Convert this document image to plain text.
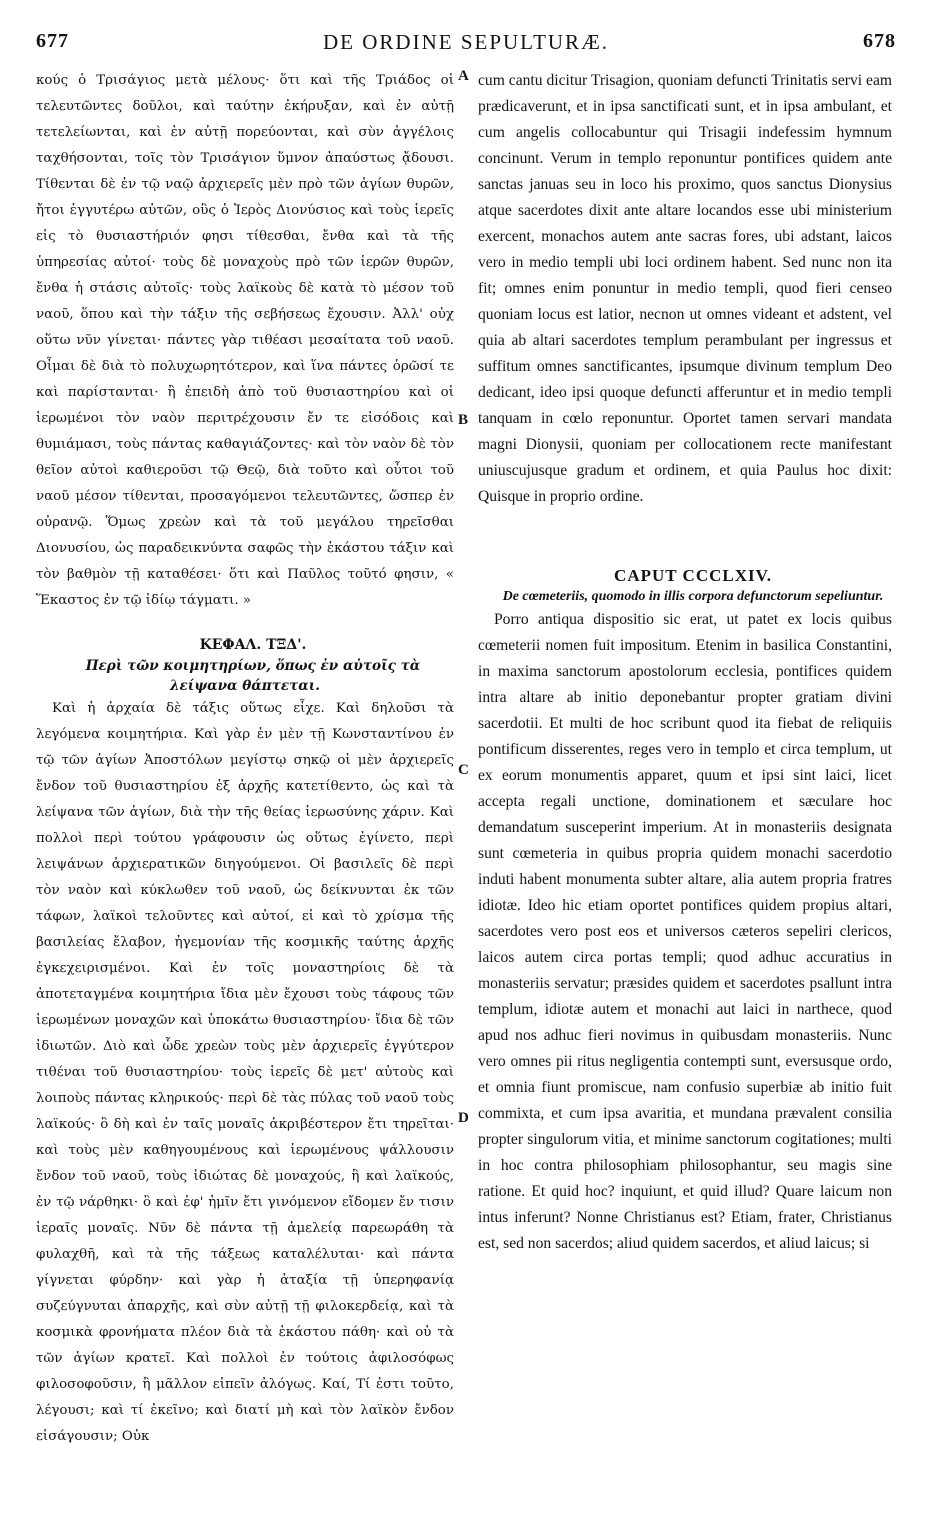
677	DE ORDINE SEPULTURÆ.	678

κούς ὁ Τρισάγιος μετὰ μέλους· ὅτι καὶ τῆς Τριάδος οἱ τελευτῶντες δοῦλοι, καὶ ταύτην ἐκήρυξαν, καὶ ἐν αὐτῇ τετελείωνται, καὶ ἐν αὐτῇ πορεύονται, καὶ σὺν ἀγγέλοις ταχθήσονται, τοῖς τὸν Τρισάγιον ὕμνον ἀπαύστως ᾄδουσι. Τίθενται δὲ ἐν τῷ ναῷ ἀρχιερεῖς μὲν πρὸ τῶν ἁγίων θυρῶν, ἤτοι ἐγγυτέρω αὐτῶν, οὓς ὁ Ἱερὸς Διονύσιος καὶ τοὺς ἱερεῖς εἰς τὸ θυσιαστήριόν φησι τίθεσθαι, ἔνθα καὶ τὰ τῆς ὑπηρεσίας αὐτοί· τοὺς δὲ μοναχοὺς πρὸ τῶν ἱερῶν θυρῶν, ἔνθα ἡ στάσις αὐτοῖς· τοὺς λαϊκοὺς δὲ κατὰ τὸ μέσον τοῦ ναοῦ, ὅπου καὶ τὴν τάξιν τῆς σεβήσεως ἔχουσιν. Ἀλλ' οὐχ οὕτω νῦν γίνεται· πάντες γὰρ τιθέασι μεσαίτατα τοῦ ναοῦ. Οἶμαι δὲ διὰ τὸ πολυχωρητότερον, καὶ ἵνα πάντες ὁρῶσί τε καὶ παρίστανται· ἢ ἐπειδὴ ἀπὸ τοῦ θυσιαστηρίου καὶ οἱ ἱερωμένοι τὸν ναὸν περιτρέχουσιν ἔν τε εἰσόδοις καὶ θυμιάμασι, τοὺς πάντας καθαγιάζοντες· καὶ τὸν ναὸν δὲ τὸν θεῖον αὐτοὶ καθιεροῦσι τῷ Θεῷ, διὰ τοῦτο καὶ οὗτοι τοῦ ναοῦ μέσον τίθενται, προσαγόμενοι τελευτῶντες, ὥσπερ ἐν οὐρανῷ. Ὅμως χρεὼν καὶ τὰ τοῦ μεγάλου τηρεῖσθαι Διονυσίου, ὡς παραδεικνύντα σαφῶς τὴν ἑκάστου τάξιν καὶ τὸν βαθμὸν τῇ καταθέσει· ὅτι καὶ Παῦλος τοῦτό φησιν, « Ἕκαστος ἐν τῷ ἰδίῳ τάγματι. »

ΚΕΦΑΛ. ΤΞΔ'.

Περὶ τῶν κοιμητηρίων, ὅπως ἐν αὐτοῖς τὰ λείψανα θάπτεται.

Καὶ ἡ ἀρχαία δὲ τάξις οὕτως εἶχε. Καὶ δηλοῦσι τὰ λεγόμενα κοιμητήρια. Καὶ γὰρ ἐν μὲν τῇ Κωνσταντίνου ἐν τῷ τῶν ἁγίων Ἀποστόλων μεγίστῳ σηκῷ οἱ μὲν ἀρχιερεῖς ἔνδον τοῦ θυσιαστηρίου ἐξ ἀρχῆς κατετίθεντο, ὡς καὶ τὰ λείψανα τῶν ἁγίων, διὰ τὴν τῆς θείας ἱερωσύνης χάριν. Καὶ πολλοὶ περὶ τούτου γράφουσιν ὡς οὕτως ἐγίνετο, περὶ λειψάνων ἀρχιερατικῶν διηγούμενοι. Οἱ βασιλεῖς δὲ περὶ τὸν ναὸν καὶ κύκλωθεν τοῦ ναοῦ, ὡς δείκνυνται ἐκ τῶν τάφων, λαϊκοὶ τελοῦντες καὶ αὐτοί, εἰ καὶ τὸ χρίσμα τῆς βασιλείας ἔλαβον, ἡγεμονίαν τῆς κοσμικῆς ταύτης ἀρχῆς ἐγκεχειρισμένοι. Καὶ ἐν τοῖς μοναστηρίοις δὲ τὰ ἀποτεταγμένα κοιμητήρια ἴδια μὲν ἔχουσι τοὺς τάφους τῶν ἱερωμένων μοναχῶν καὶ ὑποκάτω θυσιαστηρίου· ἴδια δὲ τῶν ἰδιωτῶν. Διὸ καὶ ὧδε χρεὼν τοὺς μὲν ἀρχιερεῖς ἐγγύτερον τιθέναι τοῦ θυσιαστηρίου· τοὺς ἱερεῖς δὲ μετ' αὐτοὺς καὶ λοιποὺς πάντας κληρικούς· περὶ δὲ τὰς πύλας τοῦ ναοῦ τοὺς λαϊκούς· ὃ δὴ καὶ ἐν ταῖς μοναῖς ἀκριβέστερον ἔτι τηρεῖται· καὶ τοὺς μὲν καθηγουμένους καὶ ἱερωμένους ψάλλουσιν ἔνδον τοῦ ναοῦ, τοὺς ἰδιώτας δὲ μοναχούς, ἢ καὶ λαϊκούς, ἐν τῷ νάρθηκι· ὃ καὶ ἐφ' ἡμῖν ἔτι γινόμενον εἴδομεν ἔν τισιν ἱεραῖς μοναῖς. Νῦν δὲ πάντα τῇ ἀμελείᾳ παρεωράθη τὰ φυλαχθῆ, καὶ τὰ τῆς τάξεως καταλέλυται· καὶ πάντα γίγνεται φύρδην· καὶ γὰρ ἡ ἀταξία τῇ ὑπερηφανίᾳ συζεύγνυται ἀπαρχῆς, καὶ σὺν αὐτῇ τῇ φιλοκερδείᾳ, καὶ τὰ κοσμικὰ φρονήματα πλέον διὰ τὰ ἑκάστου πάθη· καὶ οὐ τὰ τῶν ἁγίων κρατεῖ. Καὶ πολλοὶ ἐν τούτοις ἀφιλοσόφως φιλοσοφοῦσιν, ἢ μᾶλλον εἰπεῖν ἀλόγως. Καί, Τί ἐστι τοῦτο, λέγουσι; καὶ τί ἐκεῖνο; καὶ διατί μὴ καὶ τὸν λαϊκὸν ἔνδον εἰσάγουσιν; Οὐκ

A
B
C
D

cum cantu dicitur Trisagion, quoniam defuncti Trinitatis servi eam prædicaverunt, et in ipsa sanctificati sunt, et in ipsa ambulant, et cum angelis collocabuntur qui Trisagii indefessim hymnum concinunt. Verum in templo reponuntur pontifices quidem ante sanctas januas seu in loco his proximo, quos sanctus Dionysius atque sacerdotes dixit ante altare locandos esse ubi ministerium exercent, monachos autem ante sacras fores, ubi adstant, laicos vero in medio templi ubi loci ordinem habent. Sed nunc non ita fit; omnes enim ponuntur in medio templi, quod fieri censeo quoniam locus est latior, necnon ut omnes videant et adstent, vel quia ab altari sacerdotes templum perambulant per ingressus et suffitum omnes sanctificantes, ipsumque divinum templum Deo dedicant, ideo ipsi quoque defuncti afferuntur et in medio templi tanquam in cœlo reponuntur. Oportet tamen servari mandata magni Dionysii, quoniam per collocationem recte manifestant uniuscujusque gradum et ordinem, et quia Paulus hoc dixit: Quisque in proprio ordine.

CAPUT CCCLXIV.

De cœmeteriis, quomodo in illis corpora defunctorum sepeliuntur.

Porro antiqua dispositio sic erat, ut patet ex locis quibus cœmeterii nomen fuit impositum. Etenim in basilica Constantini, in maxima sanctorum apostolorum ecclesia, pontifices quidem intra altare ab initio deponebantur propter gratiam divini sacerdotii. Et multi de hoc scribunt quod ita fiebat de reliquiis pontificum disserentes, reges vero in templo et circa templum, ut ex eorum monumentis apparet, quum et ipsi sint laici, licet accepta regali unctione, dominationem et sæculare hoc demandatum susceperint imperium. At in monasteriis designata sunt cœmeteria in quibus propria quidem monachi sacerdotio induti habent monumenta subter altare, alia autem propria fratres idiotæ. Ideo hic etiam oportet pontifices quidem propius altari, sacerdotes vero post eos et universos cæteros sepeliri clericos, laicos autem circa portas templi; quod adhuc accuratius in monasteriis servatur; præsides quidem et sacerdotes psallunt intra templum, idiotæ autem et monachi aut laici in narthece, quod apud nos adhuc fieri novimus in quibusdam monasteriis. Nunc vero omnes pii ritus negligentia contempti sunt, eversusque ordo, et omnia fiunt promiscue, nam confusio superbiæ ab initio fuit commixta, et cum ipsa avaritia, et mundana prævalent consilia propter singulorum vitia, et minime sanctorum cogitationes; multi in hoc contra philosophiam philosophantur, seu magis sine ratione. Et quid hoc? inquiunt, et quid illud? Quare laicum non intus inferunt? Nonne Christianus est? Etiam, frater, Christianus est, sed non sacerdos; aliud quidem sacerdos, et aliud laicus; si
